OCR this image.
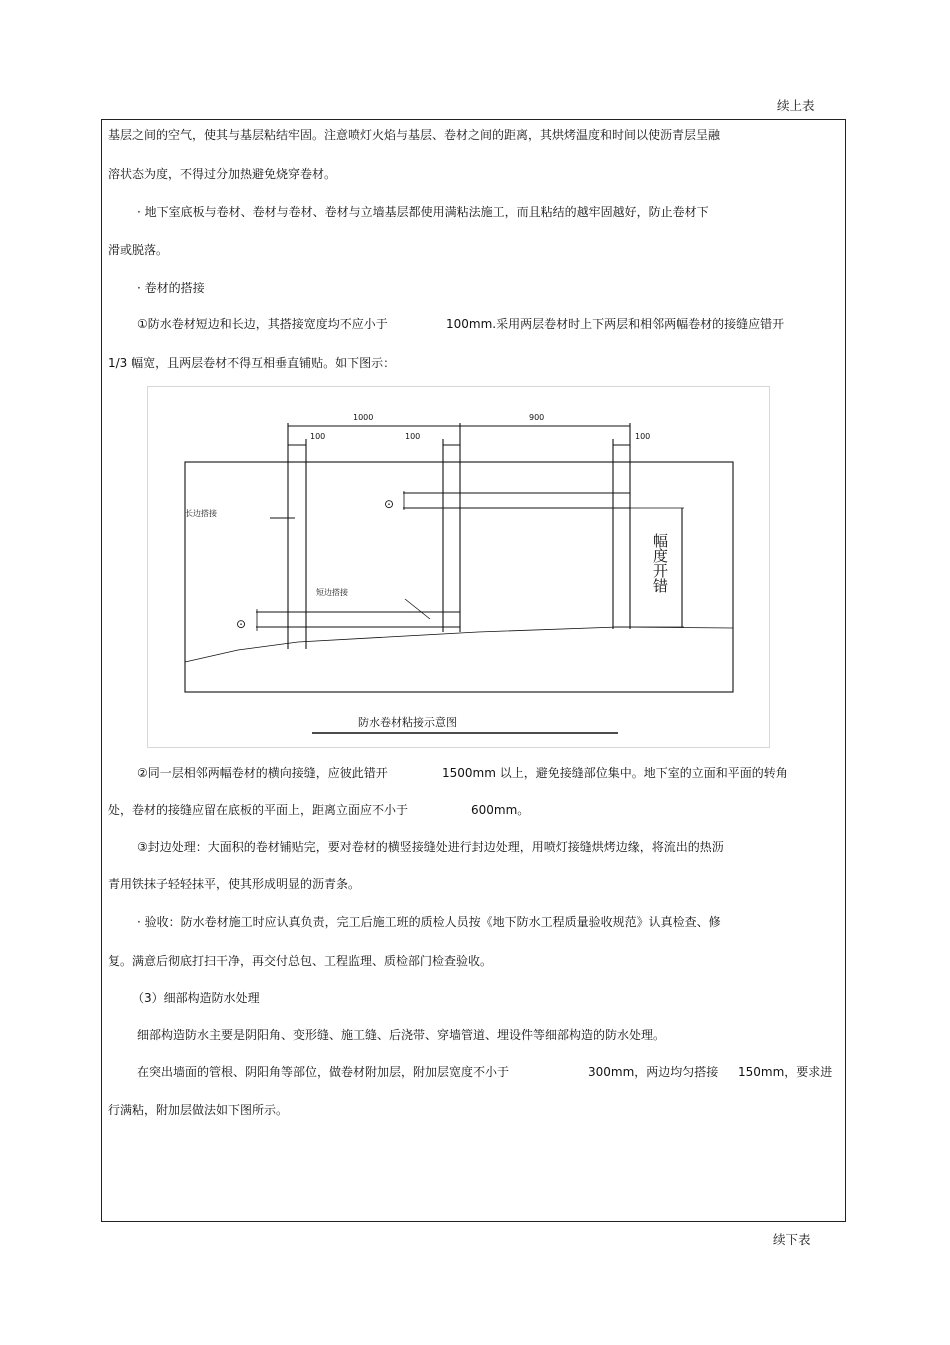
续上表
基层之间的空气，使其与基层粘结牢固。注意喷灯火焰与基层、卷材之间的距离，其烘烤温度和时间以使沥青层呈融
溶状态为度，不得过分加热避免烧穿卷材。
· 地下室底板与卷材、卷材与卷材、卷材与立墙基层都使用满粘法施工，而且粘结的越牢固越好，防止卷材下
滑或脱落。
· 卷材的搭接
①防水卷材短边和长边，其搭接宽度均不应小于	100mm.采用两层卷材时上下两层和相邻两幅卷材的接缝应错开
1/3 幅宽，且两层卷材不得互相垂直铺贴。如下图示：
1000	900
100	100	100
长边搭接
短边搭接
⊙
⊙
幅度开错
防水卷材粘接示意图
②同一层相邻两幅卷材的横向接缝，应彼此错开	1500mm 以上，避免接缝部位集中。地下室的立面和平面的转角
处，卷材的接缝应留在底板的平面上，距离立面应不小于	600mm。
③封边处理：大面积的卷材铺贴完，要对卷材的横竖接缝处进行封边处理，用喷灯接缝烘烤边缘，将流出的热沥
青用铁抹子轻轻抹平，使其形成明显的沥青条。
· 验收：防水卷材施工时应认真负责，完工后施工班的质检人员按《地下防水工程质量验收规范》认真检查、修
复。满意后彻底打扫干净，再交付总包、工程监理、质检部门检查验收。
（3）细部构造防水处理
细部构造防水主要是阴阳角、变形缝、施工缝、后浇带、穿墙管道、埋设件等细部构造的防水处理。
在突出墙面的管根、阴阳角等部位，做卷材附加层，附加层宽度不小于	300mm，两边均匀搭接 150mm，要求进
行满粘，附加层做法如下图所示。
续下表
